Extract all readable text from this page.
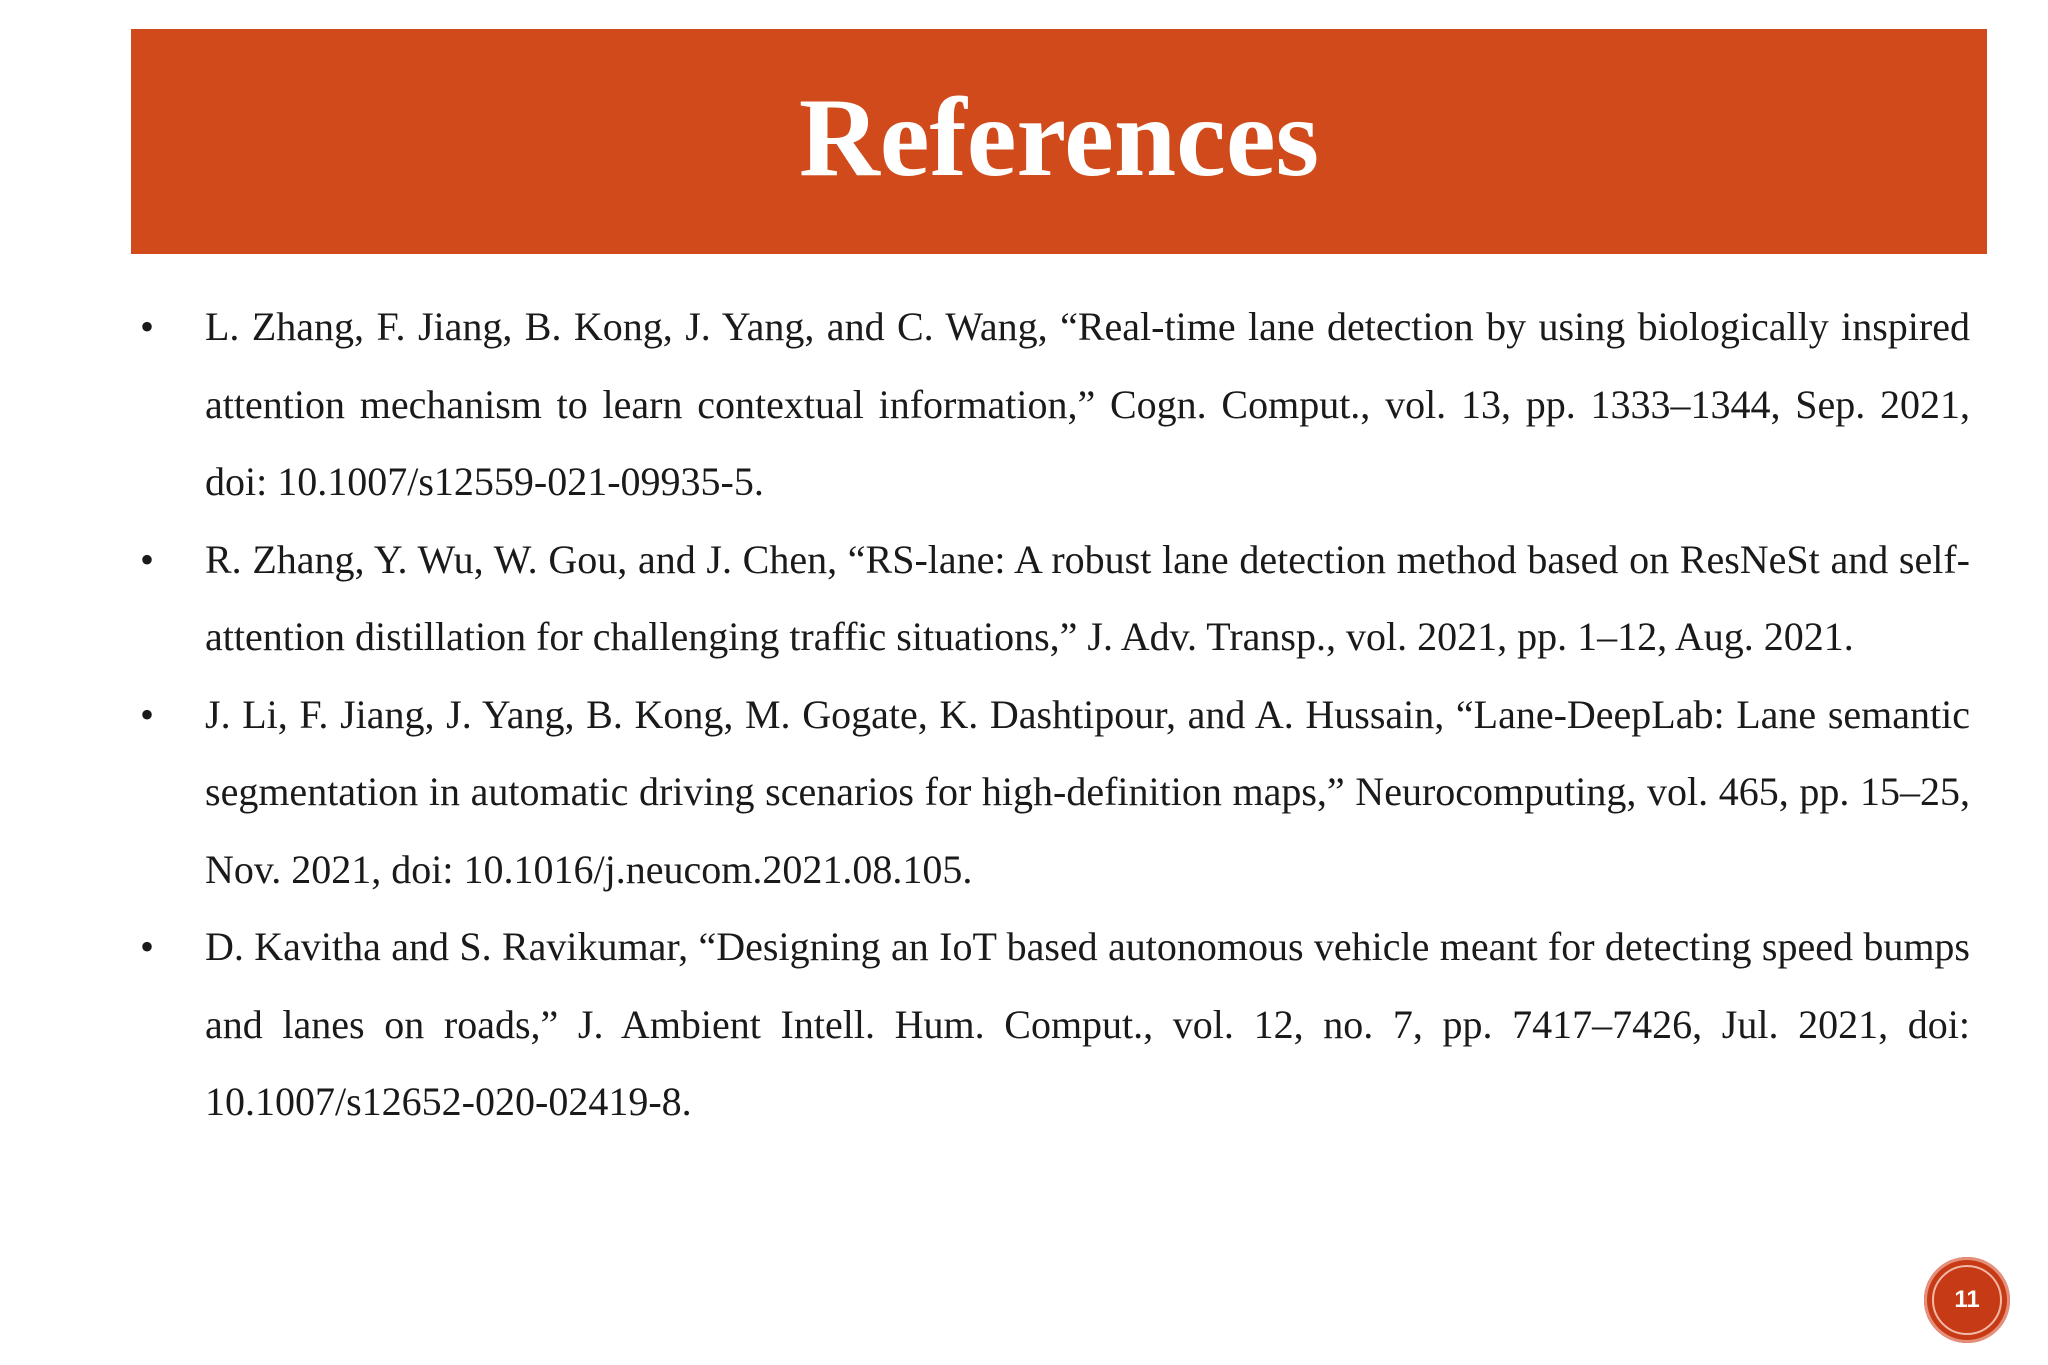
References
• L. Zhang, F. Jiang, B. Kong, J. Yang, and C. Wang, “Real-time lane detection by using biologically inspired attention mechanism to learn contextual information,” Cogn. Comput., vol. 13, pp. 1333–1344, Sep. 2021, doi: 10.1007/s12559-021-09935-5.
• R. Zhang, Y. Wu, W. Gou, and J. Chen, “RS-lane: A robust lane detection method based on ResNeSt and self-attention distillation for challenging traffic situations,” J. Adv. Transp., vol. 2021, pp. 1–12, Aug. 2021.
• J. Li, F. Jiang, J. Yang, B. Kong, M. Gogate, K. Dashtipour, and A. Hussain, “Lane-DeepLab: Lane semantic segmentation in automatic driving scenarios for high-definition maps,” Neurocomputing, vol. 465, pp. 15–25, Nov. 2021, doi: 10.1016/j.neucom.2021.08.105.
• D. Kavitha and S. Ravikumar, “Designing an IoT based autonomous vehicle meant for detecting speed bumps and lanes on roads,” J. Ambient Intell. Hum. Comput., vol. 12, no. 7, pp. 7417–7426, Jul. 2021, doi: 10.1007/s12652-020-02419-8.
11
